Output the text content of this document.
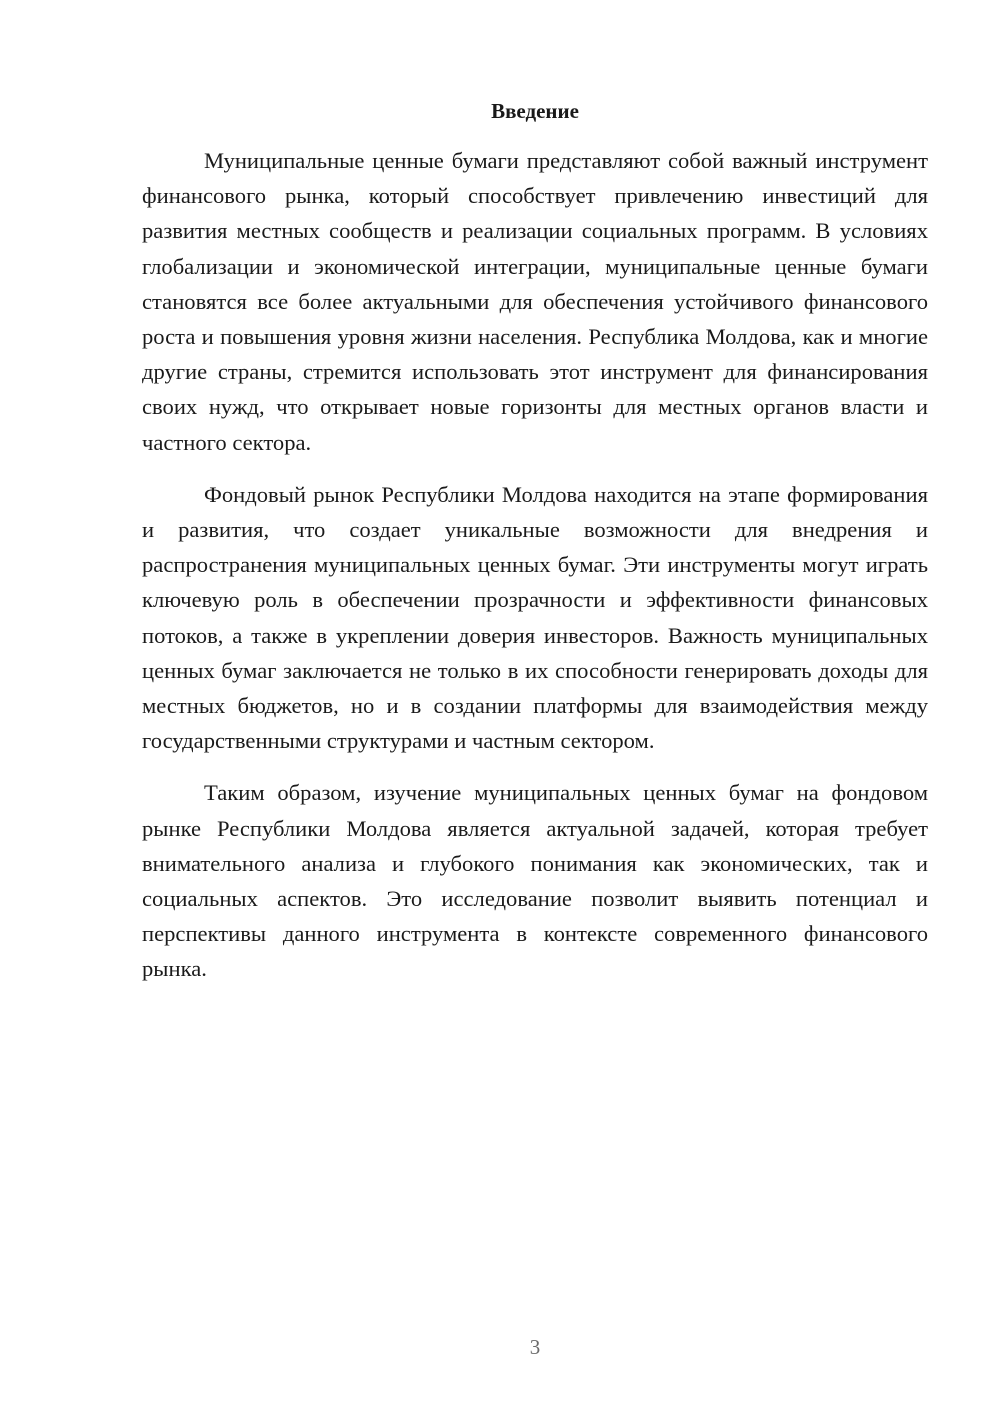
Введение

Муниципальные ценные бумаги представляют собой важный инструмент финансового рынка, который способствует привлечению инвестиций для развития местных сообществ и реализации социальных программ. В условиях глобализации и экономической интеграции, муниципальные ценные бумаги становятся все более актуальными для обеспечения устойчивого финансового роста и повышения уровня жизни населения. Республика Молдова, как и многие другие страны, стремится использовать этот инструмент для финансирования своих нужд, что открывает новые горизонты для местных органов власти и частного сектора.

Фондовый рынок Республики Молдова находится на этапе формирования и развития, что создает уникальные возможности для внедрения и распространения муниципальных ценных бумаг. Эти инструменты могут играть ключевую роль в обеспечении прозрачности и эффективности финансовых потоков, а также в укреплении доверия инвесторов. Важность муниципальных ценных бумаг заключается не только в их способности генерировать доходы для местных бюджетов, но и в создании платформы для взаимодействия между государственными структурами и частным сектором.

Таким образом, изучение муниципальных ценных бумаг на фондовом рынке Республики Молдова является актуальной задачей, которая требует внимательного анализа и глубокого понимания как экономических, так и социальных аспектов. Это исследование позволит выявить потенциал и перспективы данного инструмента в контексте современного финансового рынка.

3
